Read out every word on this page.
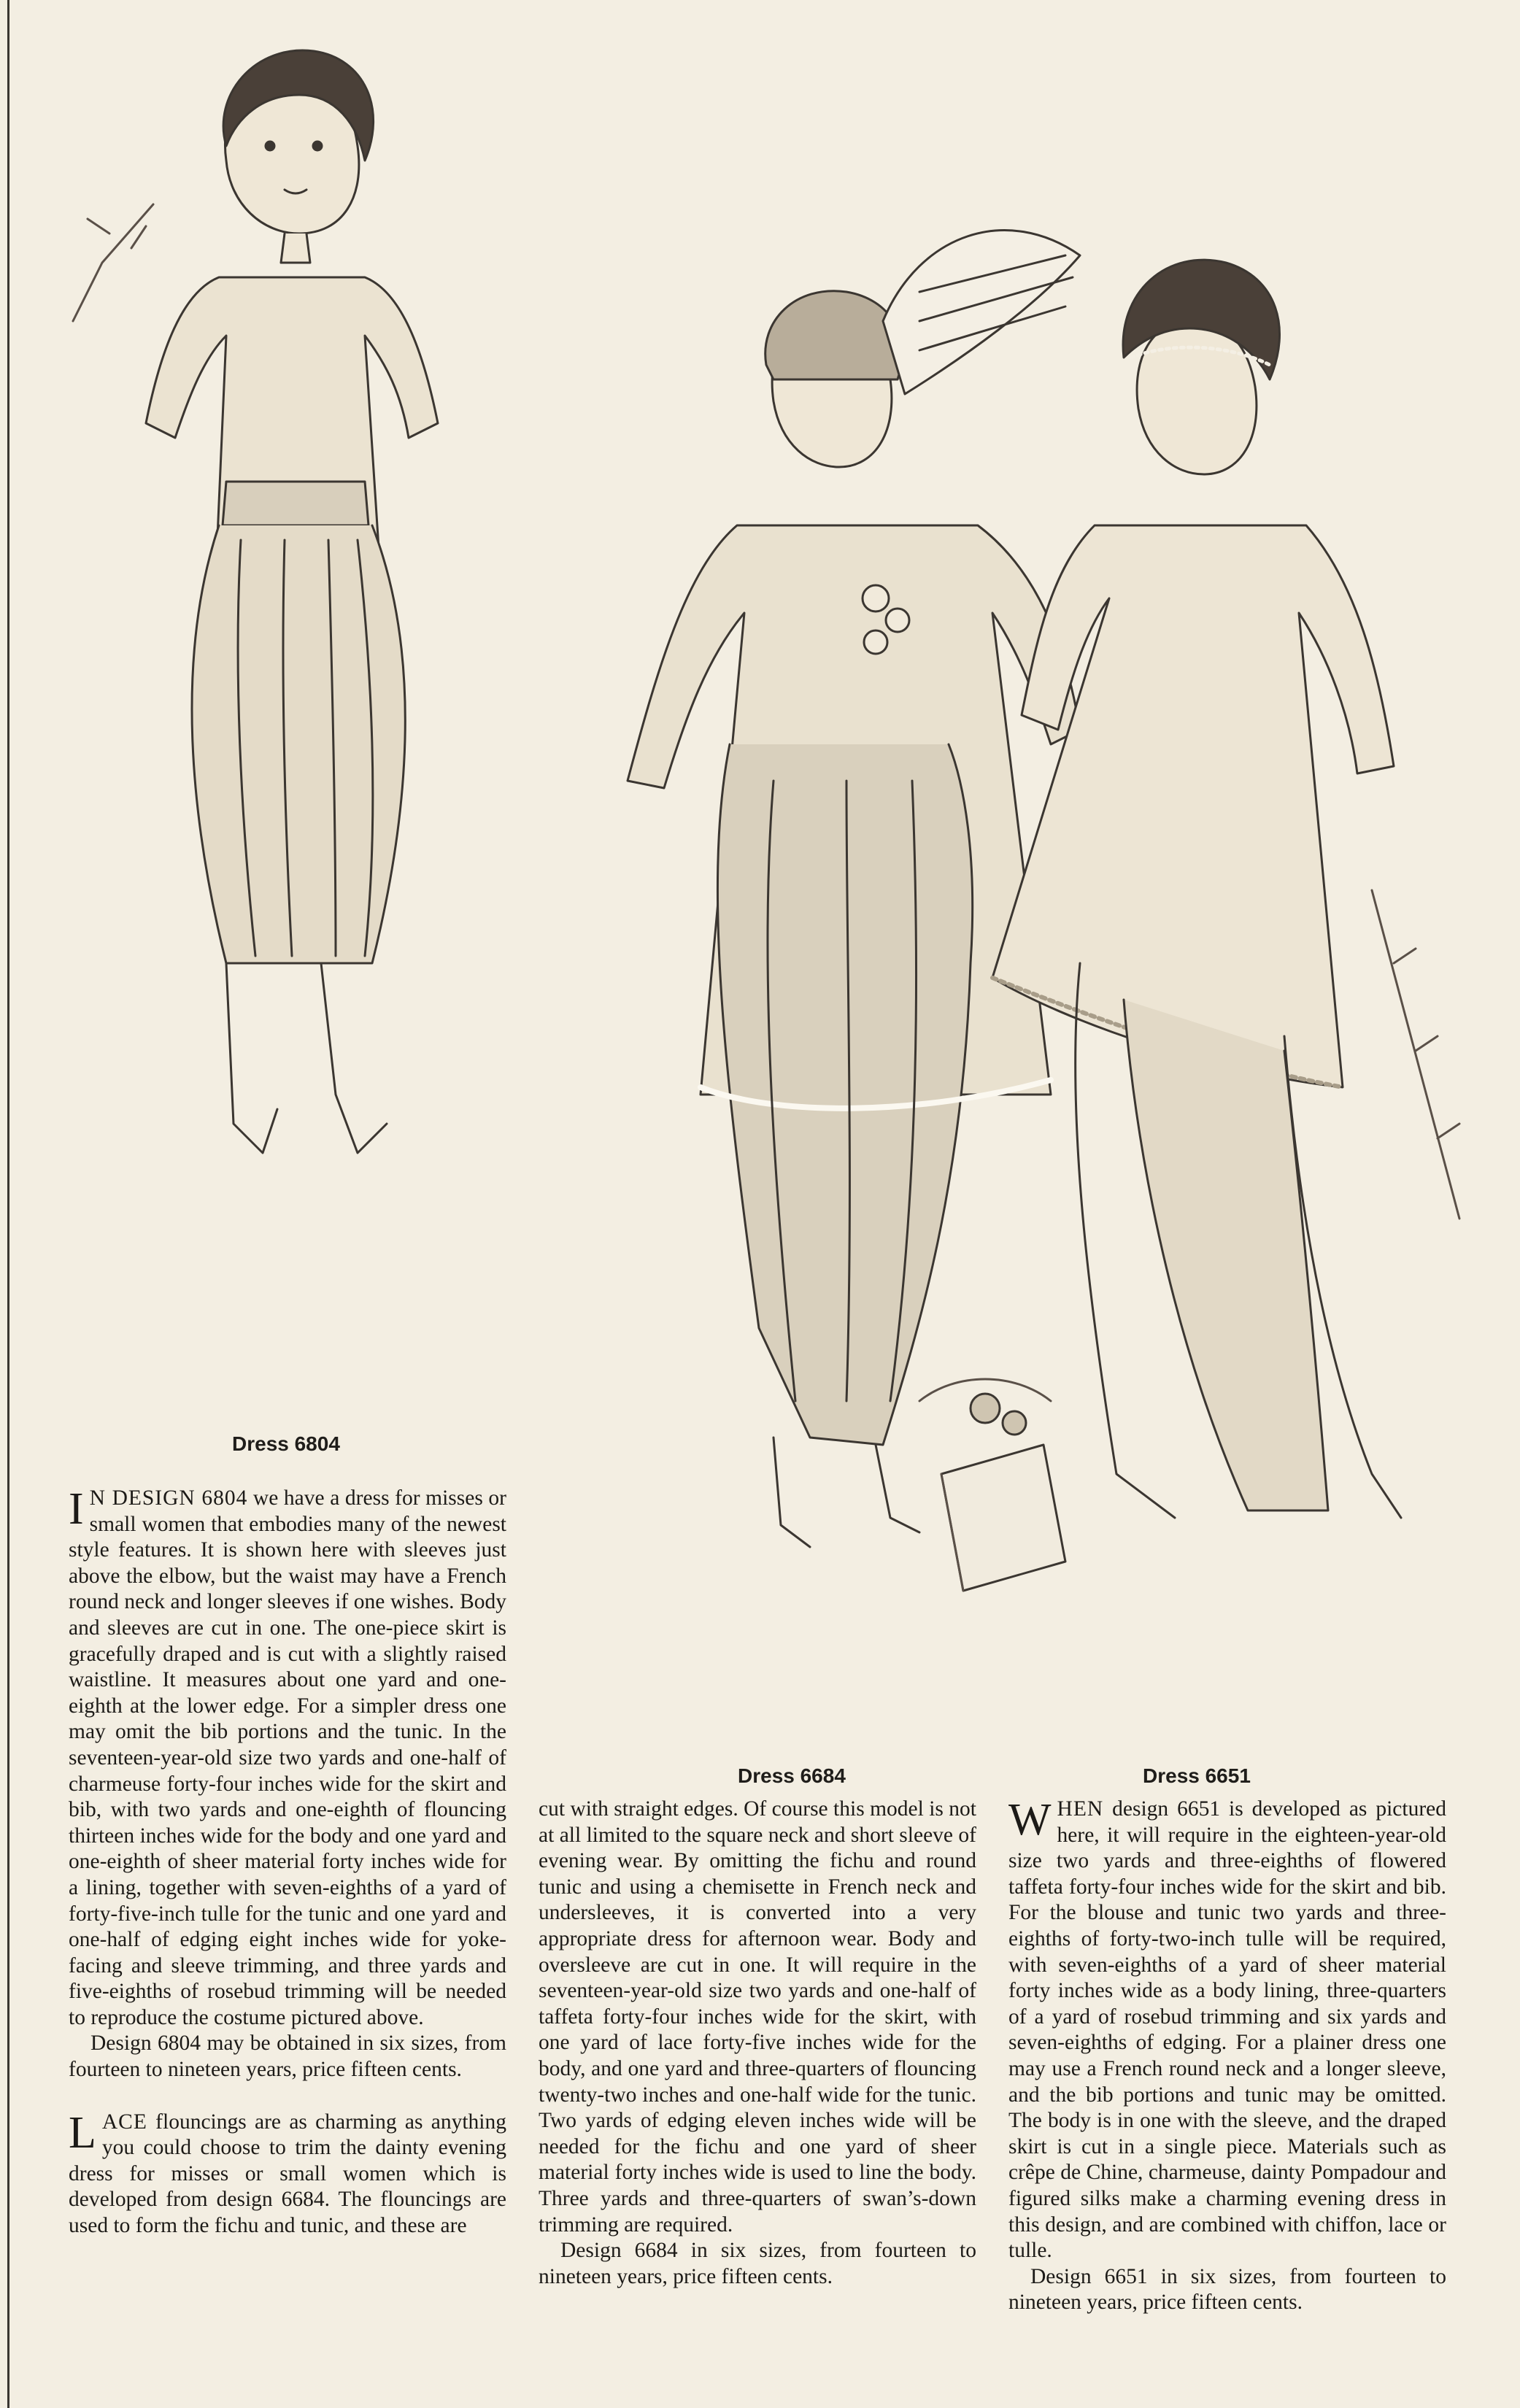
Dress 6804
Dress 6684	Dress 6651

I N DESIGN 6804 we have a dress for misses or small women that embodies many of the newest style features. It is shown here with sleeves just above the elbow, but the waist may have a French round neck and longer sleeves if one wishes. Body and sleeves are cut in one. The one-piece skirt is gracefully draped and is cut with a slightly raised waistline. It measures about one yard and one-eighth at the lower edge. For a simpler dress one may omit the bib portions and the tunic. In the seventeen-year-old size two yards and one-half of charmeuse forty-four inches wide for the skirt and bib, with two yards and one-eighth of flouncing thirteen inches wide for the body and one yard and one-eighth of sheer material forty inches wide for a lining, together with seven-eighths of a yard of forty-five-inch tulle for the tunic and one yard and one-half of edging eight inches wide for yoke-facing and sleeve trimming, and three yards and five-eighths of rosebud trimming will be needed to reproduce the costume pictured above.

Design 6804 may be obtained in six sizes, from fourteen to nineteen years, price fifteen cents.

LACE flouncings are as charming as anything you could choose to trim the dainty evening dress for misses or small women which is developed from design 6684. The flouncings are used to form the fichu and tunic, and these are

cut with straight edges. Of course this model is not at all limited to the square neck and short sleeve of evening wear. By omitting the fichu and round tunic and using a chemisette in French neck and undersleeves, it is converted into a very appropriate dress for afternoon wear. Body and oversleeve are cut in one. It will require in the seventeen-year-old size two yards and one-half of taffeta forty-four inches wide for the skirt, with one yard of lace forty-five inches wide for the body, and one yard and three-quarters of flouncing twenty-two inches and one-half wide for the tunic. Two yards of edging eleven inches wide will be needed for the fichu and one yard of sheer material forty inches wide is used to line the body. Three yards and three-quarters of swan’s-down trimming are required.

Design 6684 in six sizes, from fourteen to nineteen years, price fifteen cents.

WHEN design 6651 is developed as pictured here, it will require in the eighteen-year-old size two yards and three-eighths of flowered taffeta forty-four inches wide for the skirt and bib. For the blouse and tunic two yards and three-eighths of forty-two-inch tulle will be required, with seven-eighths of a yard of sheer material forty inches wide as a body lining, three-quarters of a yard of rosebud trimming and six yards and seven-eighths of edging. For a plainer dress one may use a French round neck and a longer sleeve, and the bib portions and tunic may be omitted. The body is in one with the sleeve, and the draped skirt is cut in a single piece. Materials such as crêpe de Chine, charmeuse, dainty Pompadour and figured silks make a charming evening dress in this design, and are combined with chiffon, lace or tulle.

Design 6651 in six sizes, from fourteen to nineteen years, price fifteen cents.
